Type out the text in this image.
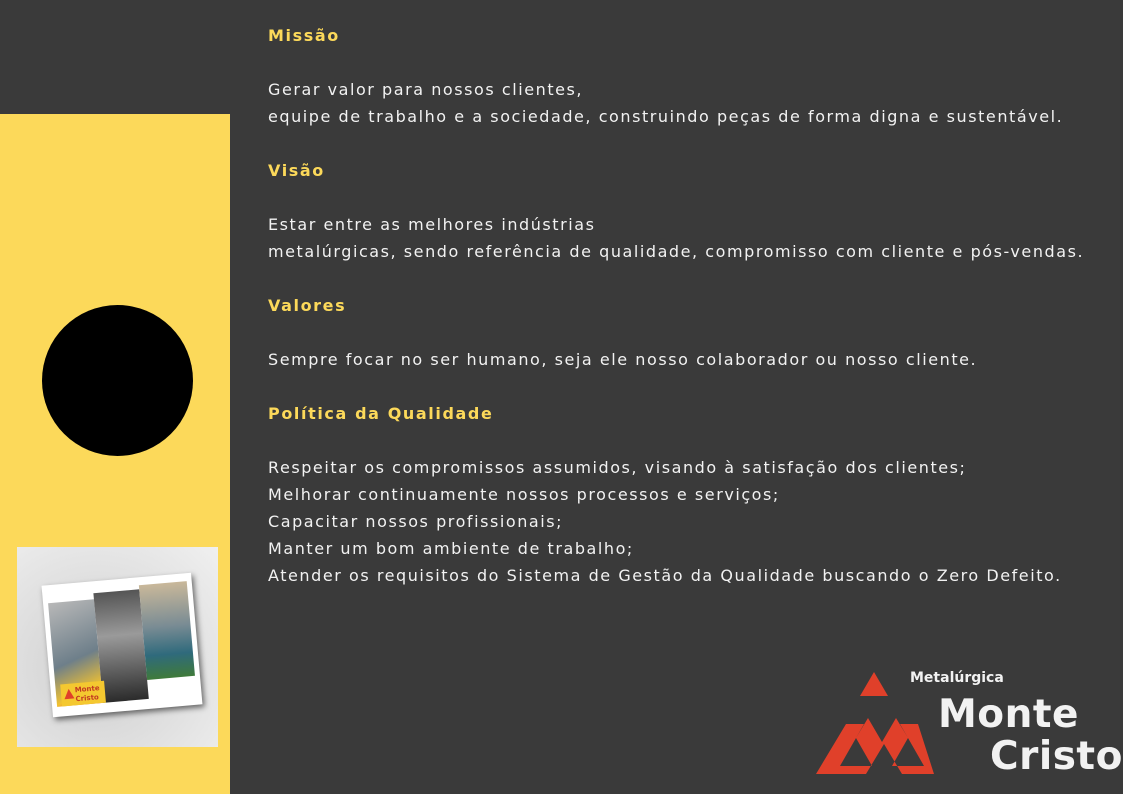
Monte
Cristo
Missão
Gerar valor para nossos clientes,
equipe de trabalho e a sociedade, construindo peças de forma digna e sustentável.
Visão
Estar entre as melhores indústrias
metalúrgicas, sendo referência de qualidade, compromisso com cliente e pós-vendas.
Valores
Sempre focar no ser humano, seja ele nosso colaborador ou nosso cliente.
Política da Qualidade
Respeitar os compromissos assumidos, visando à satisfação dos clientes;
Melhorar continuamente nossos processos e serviços;
Capacitar nossos profissionais;
Manter um bom ambiente de trabalho;
Atender os requisitos do Sistema de Gestão da Qualidade buscando o Zero Defeito.
Metalúrgica
Monte
Cristo
